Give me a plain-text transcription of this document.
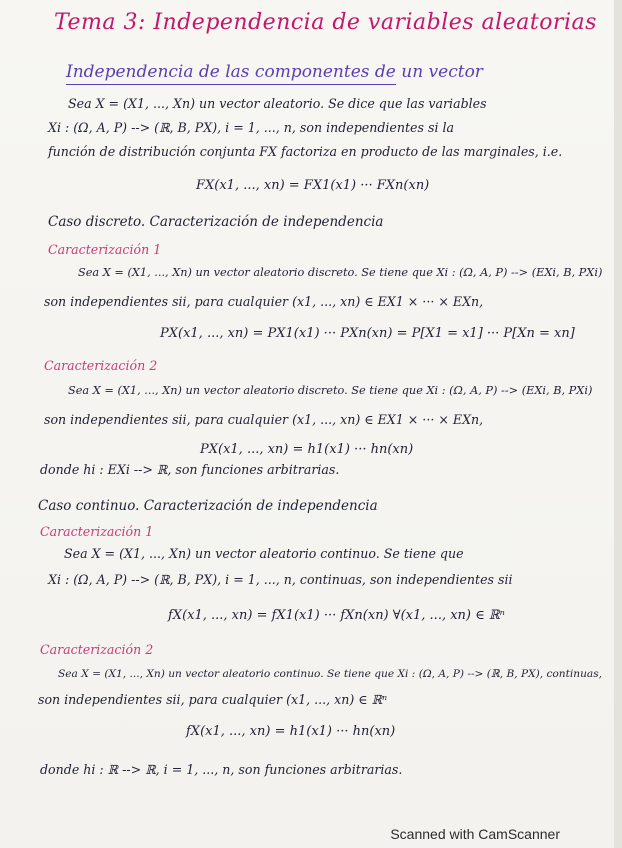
Tema 3: Independencia de variables aleatorias
Independencia de las componentes de un vector
Sea X = (X1, ..., Xn) un vector aleatorio. Se dice que las variables
Xi : (Ω, A, P) --> (ℝ, B, PX), i = 1, ..., n, son independientes si la
función de distribución conjunta FX factoriza en producto de las marginales, i.e.
FX(x1, ..., xn) = FX1(x1) ··· FXn(xn)
Caso discreto. Caracterización de independencia
Caracterización 1
Sea X = (X1, ..., Xn) un vector aleatorio discreto. Se tiene que Xi : (Ω, A, P) --> (EXi, B, PXi)
son independientes sii, para cualquier (x1, ..., xn) ∈ EX1 × ··· × EXn,
PX(x1, ..., xn) = PX1(x1) ··· PXn(xn) = P[X1 = x1] ··· P[Xn = xn]
Caracterización 2
Sea X = (X1, ..., Xn) un vector aleatorio discreto. Se tiene que Xi : (Ω, A, P) --> (EXi, B, PXi)
son independientes sii, para cualquier (x1, ..., xn) ∈ EX1 × ··· × EXn,
PX(x1, ..., xn) = h1(x1) ··· hn(xn)
donde hi : EXi --> ℝ, son funciones arbitrarias.
Caso continuo. Caracterización de independencia
Caracterización 1
Sea X = (X1, ..., Xn) un vector aleatorio continuo. Se tiene que
Xi : (Ω, A, P) --> (ℝ, B, PX), i = 1, ..., n, continuas, son independientes sii
fX(x1, ..., xn) = fX1(x1) ··· fXn(xn) ∀(x1, ..., xn) ∈ ℝⁿ
Caracterización 2
Sea X = (X1, ..., Xn) un vector aleatorio continuo. Se tiene que Xi : (Ω, A, P) --> (ℝ, B, PX), continuas,
son independientes sii, para cualquier (x1, ..., xn) ∈ ℝⁿ
fX(x1, ..., xn) = h1(x1) ··· hn(xn)
donde hi : ℝ --> ℝ, i = 1, ..., n, son funciones arbitrarias.
Scanned with CamScanner
